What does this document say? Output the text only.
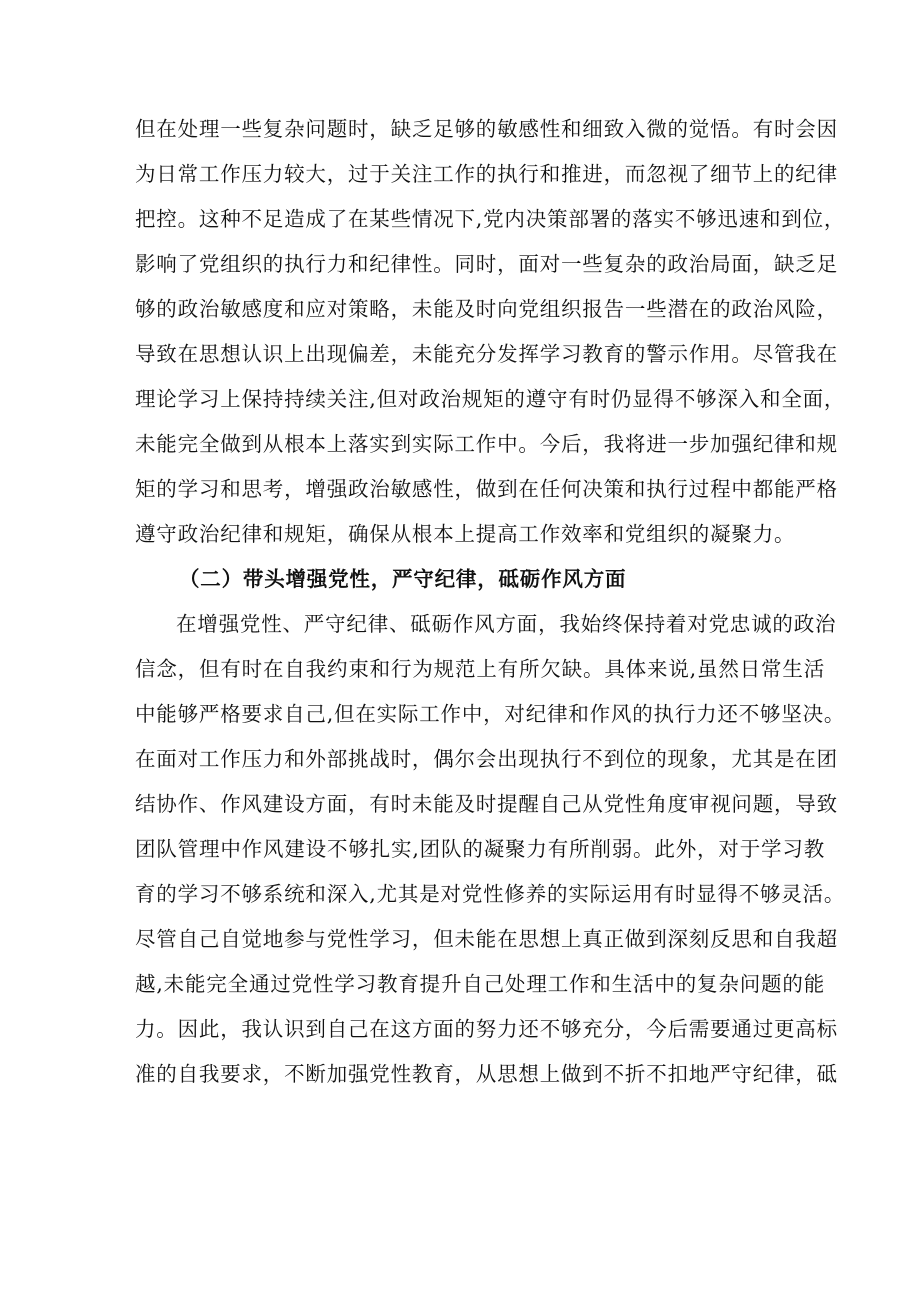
但在处理一些复杂问题时，缺乏足够的敏感性和细致入微的觉悟。有时会因
为日常工作压力较大，过于关注工作的执行和推进，而忽视了细节上的纪律
把控。这种不足造成了在某些情况下,党内决策部署的落实不够迅速和到位，
影响了党组织的执行力和纪律性。同时，面对一些复杂的政治局面，缺乏足
够的政治敏感度和应对策略，未能及时向党组织报告一些潜在的政治风险，
导致在思想认识上出现偏差，未能充分发挥学习教育的警示作用。尽管我在
理论学习上保持持续关注,但对政治规矩的遵守有时仍显得不够深入和全面，
未能完全做到从根本上落实到实际工作中。今后，我将进一步加强纪律和规
矩的学习和思考，增强政治敏感性，做到在任何决策和执行过程中都能严格
遵守政治纪律和规矩，确保从根本上提高工作效率和党组织的凝聚力。
（二）带头增强党性，严守纪律，砥砺作风方面
在增强党性、严守纪律、砥砺作风方面，我始终保持着对党忠诚的政治
信念，但有时在自我约束和行为规范上有所欠缺。具体来说,虽然日常生活
中能够严格要求自己,但在实际工作中，对纪律和作风的执行力还不够坚决。
在面对工作压力和外部挑战时，偶尔会出现执行不到位的现象，尤其是在团
结协作、作风建设方面，有时未能及时提醒自己从党性角度审视问题，导致
团队管理中作风建设不够扎实,团队的凝聚力有所削弱。此外，对于学习教
育的学习不够系统和深入,尤其是对党性修养的实际运用有时显得不够灵活。
尽管自己自觉地参与党性学习，但未能在思想上真正做到深刻反思和自我超
越,未能完全通过党性学习教育提升自己处理工作和生活中的复杂问题的能
力。因此，我认识到自己在这方面的努力还不够充分，今后需要通过更高标
准的自我要求，不断加强党性教育，从思想上做到不折不扣地严守纪律，砥
